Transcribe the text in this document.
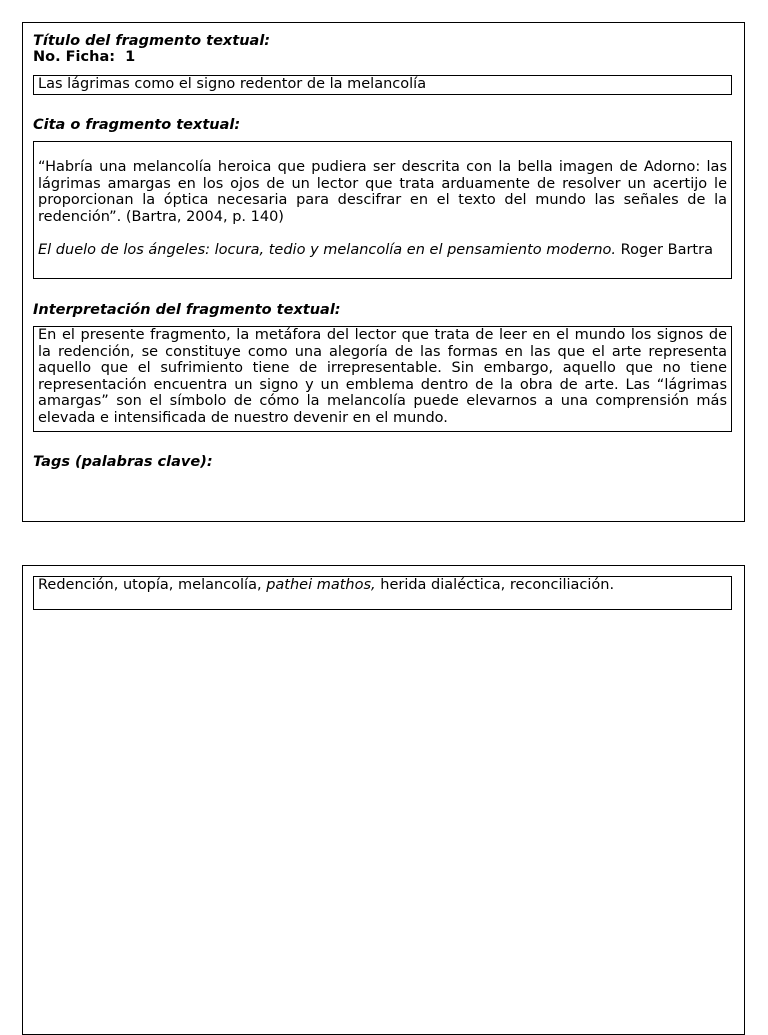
Título del fragmento textual:
No. Ficha:  1
Las lágrimas como el signo redentor de la melancolía
Cita o fragmento textual:

“Habría una melancolía heroica que pudiera ser descrita con la bella imagen de Adorno: las lágrimas amargas en los ojos de un lector que trata arduamente de resolver un acertijo le proporcionan la óptica necesaria para descifrar en el texto del mundo las señales de la redención”. (Bartra, 2004, p. 140)

El duelo de los ángeles: locura, tedio y melancolía en el pensamiento moderno. Roger Bartra

Interpretación del fragmento textual:
En el presente fragmento, la metáfora del lector que trata de leer en el mundo los signos de la redención, se constituye como una alegoría de las formas en las que el arte representa aquello que el sufrimiento tiene de irrepresentable. Sin embargo, aquello que no tiene representación encuentra un signo y un emblema dentro de la obra de arte. Las “lágrimas amargas” son el símbolo de cómo la melancolía puede elevarnos a una comprensión más elevada e intensificada de nuestro devenir en el mundo.
Tags (palabras clave):
Redención, utopía, melancolía, pathei mathos, herida dialéctica, reconciliación.
